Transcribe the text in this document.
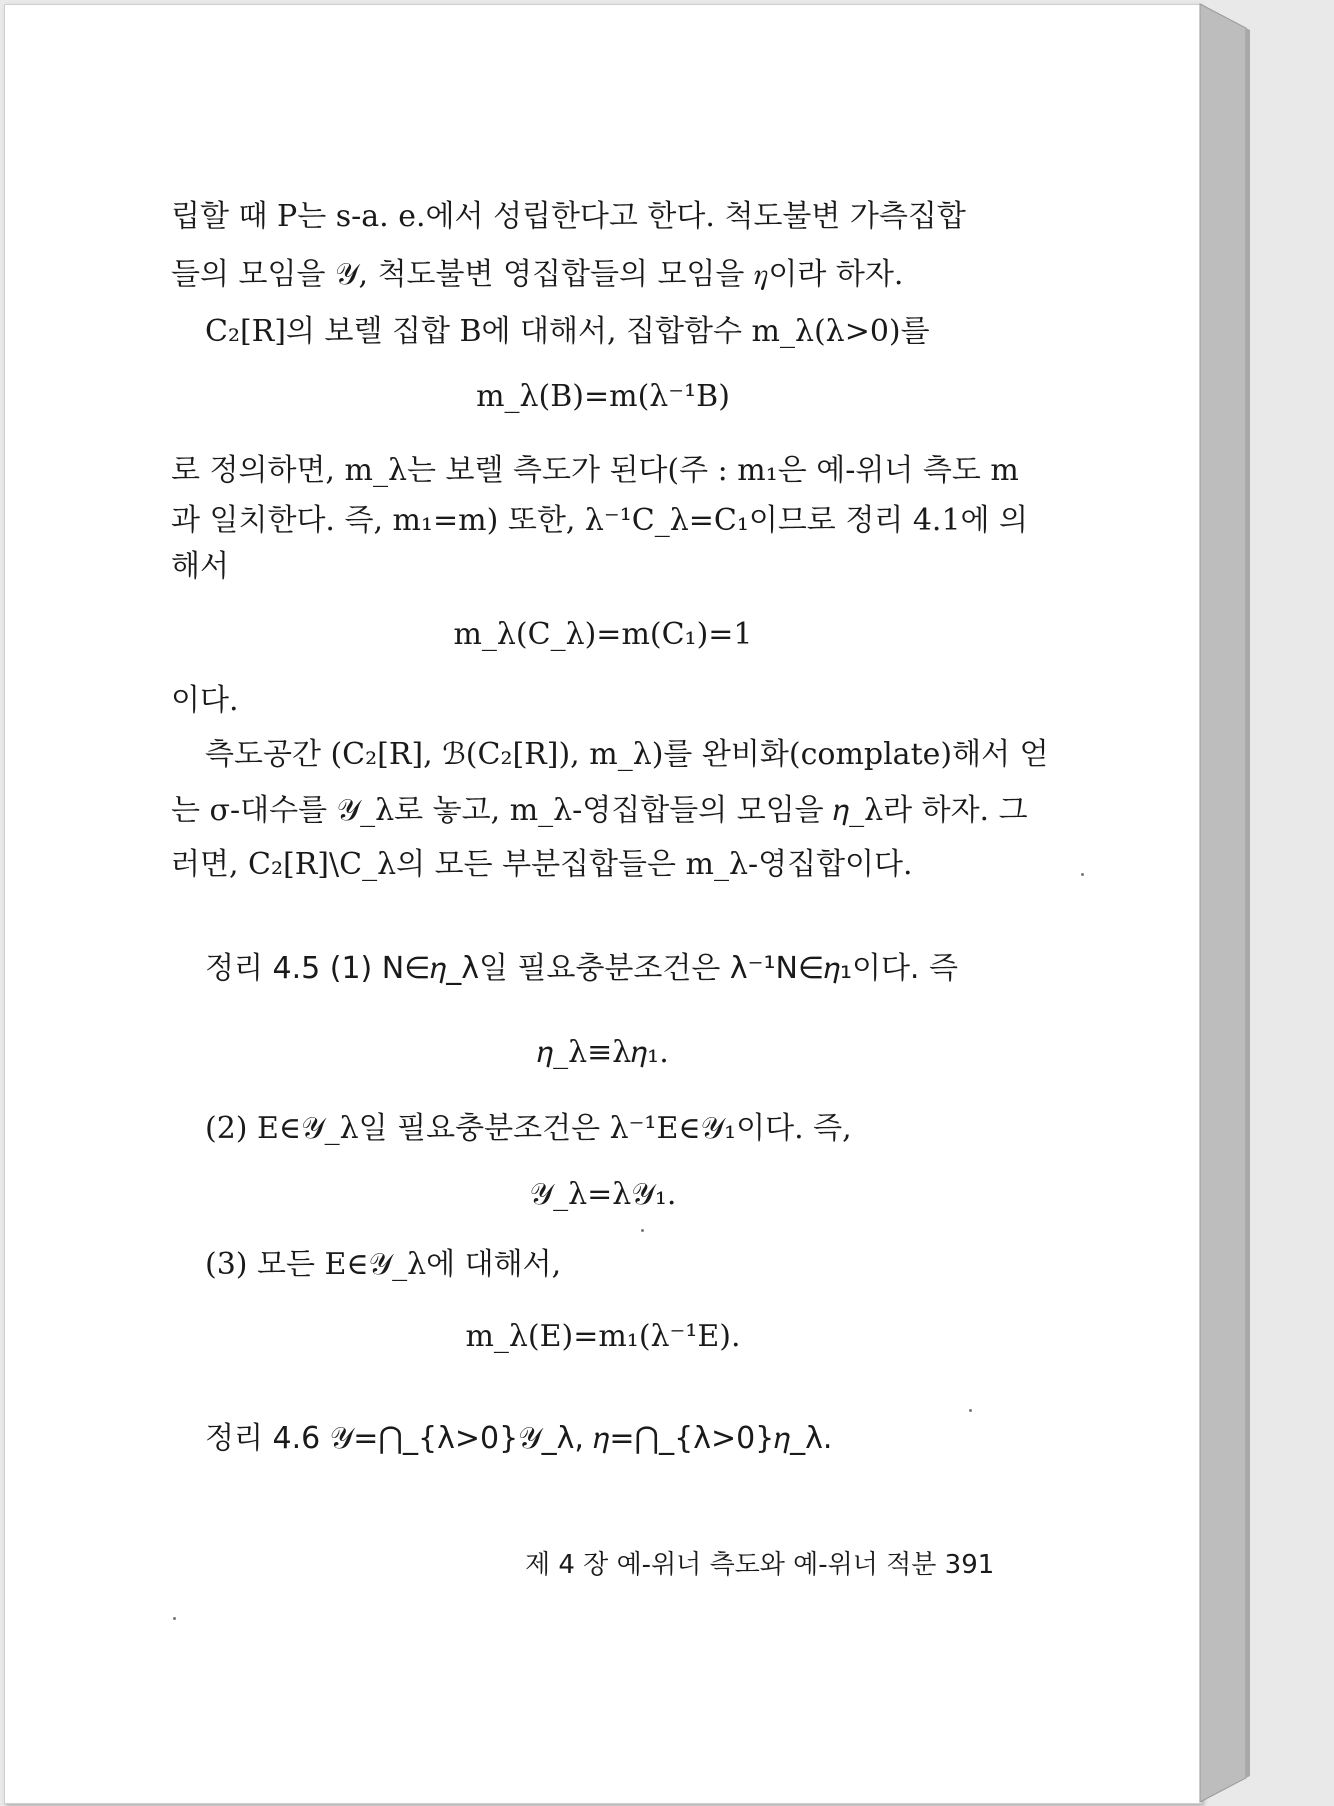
립할 때 P는 s-a. e.에서 성립한다고 한다. 척도불변 가측집합
들의 모임을 𝒴, 척도불변 영집합들의 모임을 𝜂이라 하자.
C₂[R]의 보렐 집합 B에 대해서, 집합함수 m_λ(λ>0)를
m_λ(B)=m(λ⁻¹B)
로 정의하면, m_λ는 보렐 측도가 된다(주 : m₁은 예-위너 측도 m
과 일치한다. 즉, m₁=m) 또한, λ⁻¹C_λ=C₁이므로 정리 4.1에 의
해서
m_λ(C_λ)=m(C₁)=1
이다.
측도공간 (C₂[R], ℬ(C₂[R]), m_λ)를 완비화(complate)해서 얻
는 σ-대수를 𝒴_λ로 놓고, m_λ-영집합들의 모임을 𝜂_λ라 하자. 그
러면, C₂[R]\C_λ의 모든 부분집합들은 m_λ-영집합이다.
정리 4.5 (1) N∈𝜂_λ일 필요충분조건은 λ⁻¹N∈𝜂₁이다. 즉
𝜂_λ≡λ𝜂₁.
(2) E∈𝒴_λ일 필요충분조건은 λ⁻¹E∈𝒴₁이다. 즉,
𝒴_λ=λ𝒴₁.
(3) 모든 E∈𝒴_λ에 대해서,
m_λ(E)=m₁(λ⁻¹E).
정리 4.6 𝒴=⋂_{λ>0}𝒴_λ, 𝜂=⋂_{λ>0}𝜂_λ.
제 4 장 예-위너 측도와 예-위너 적분 391
